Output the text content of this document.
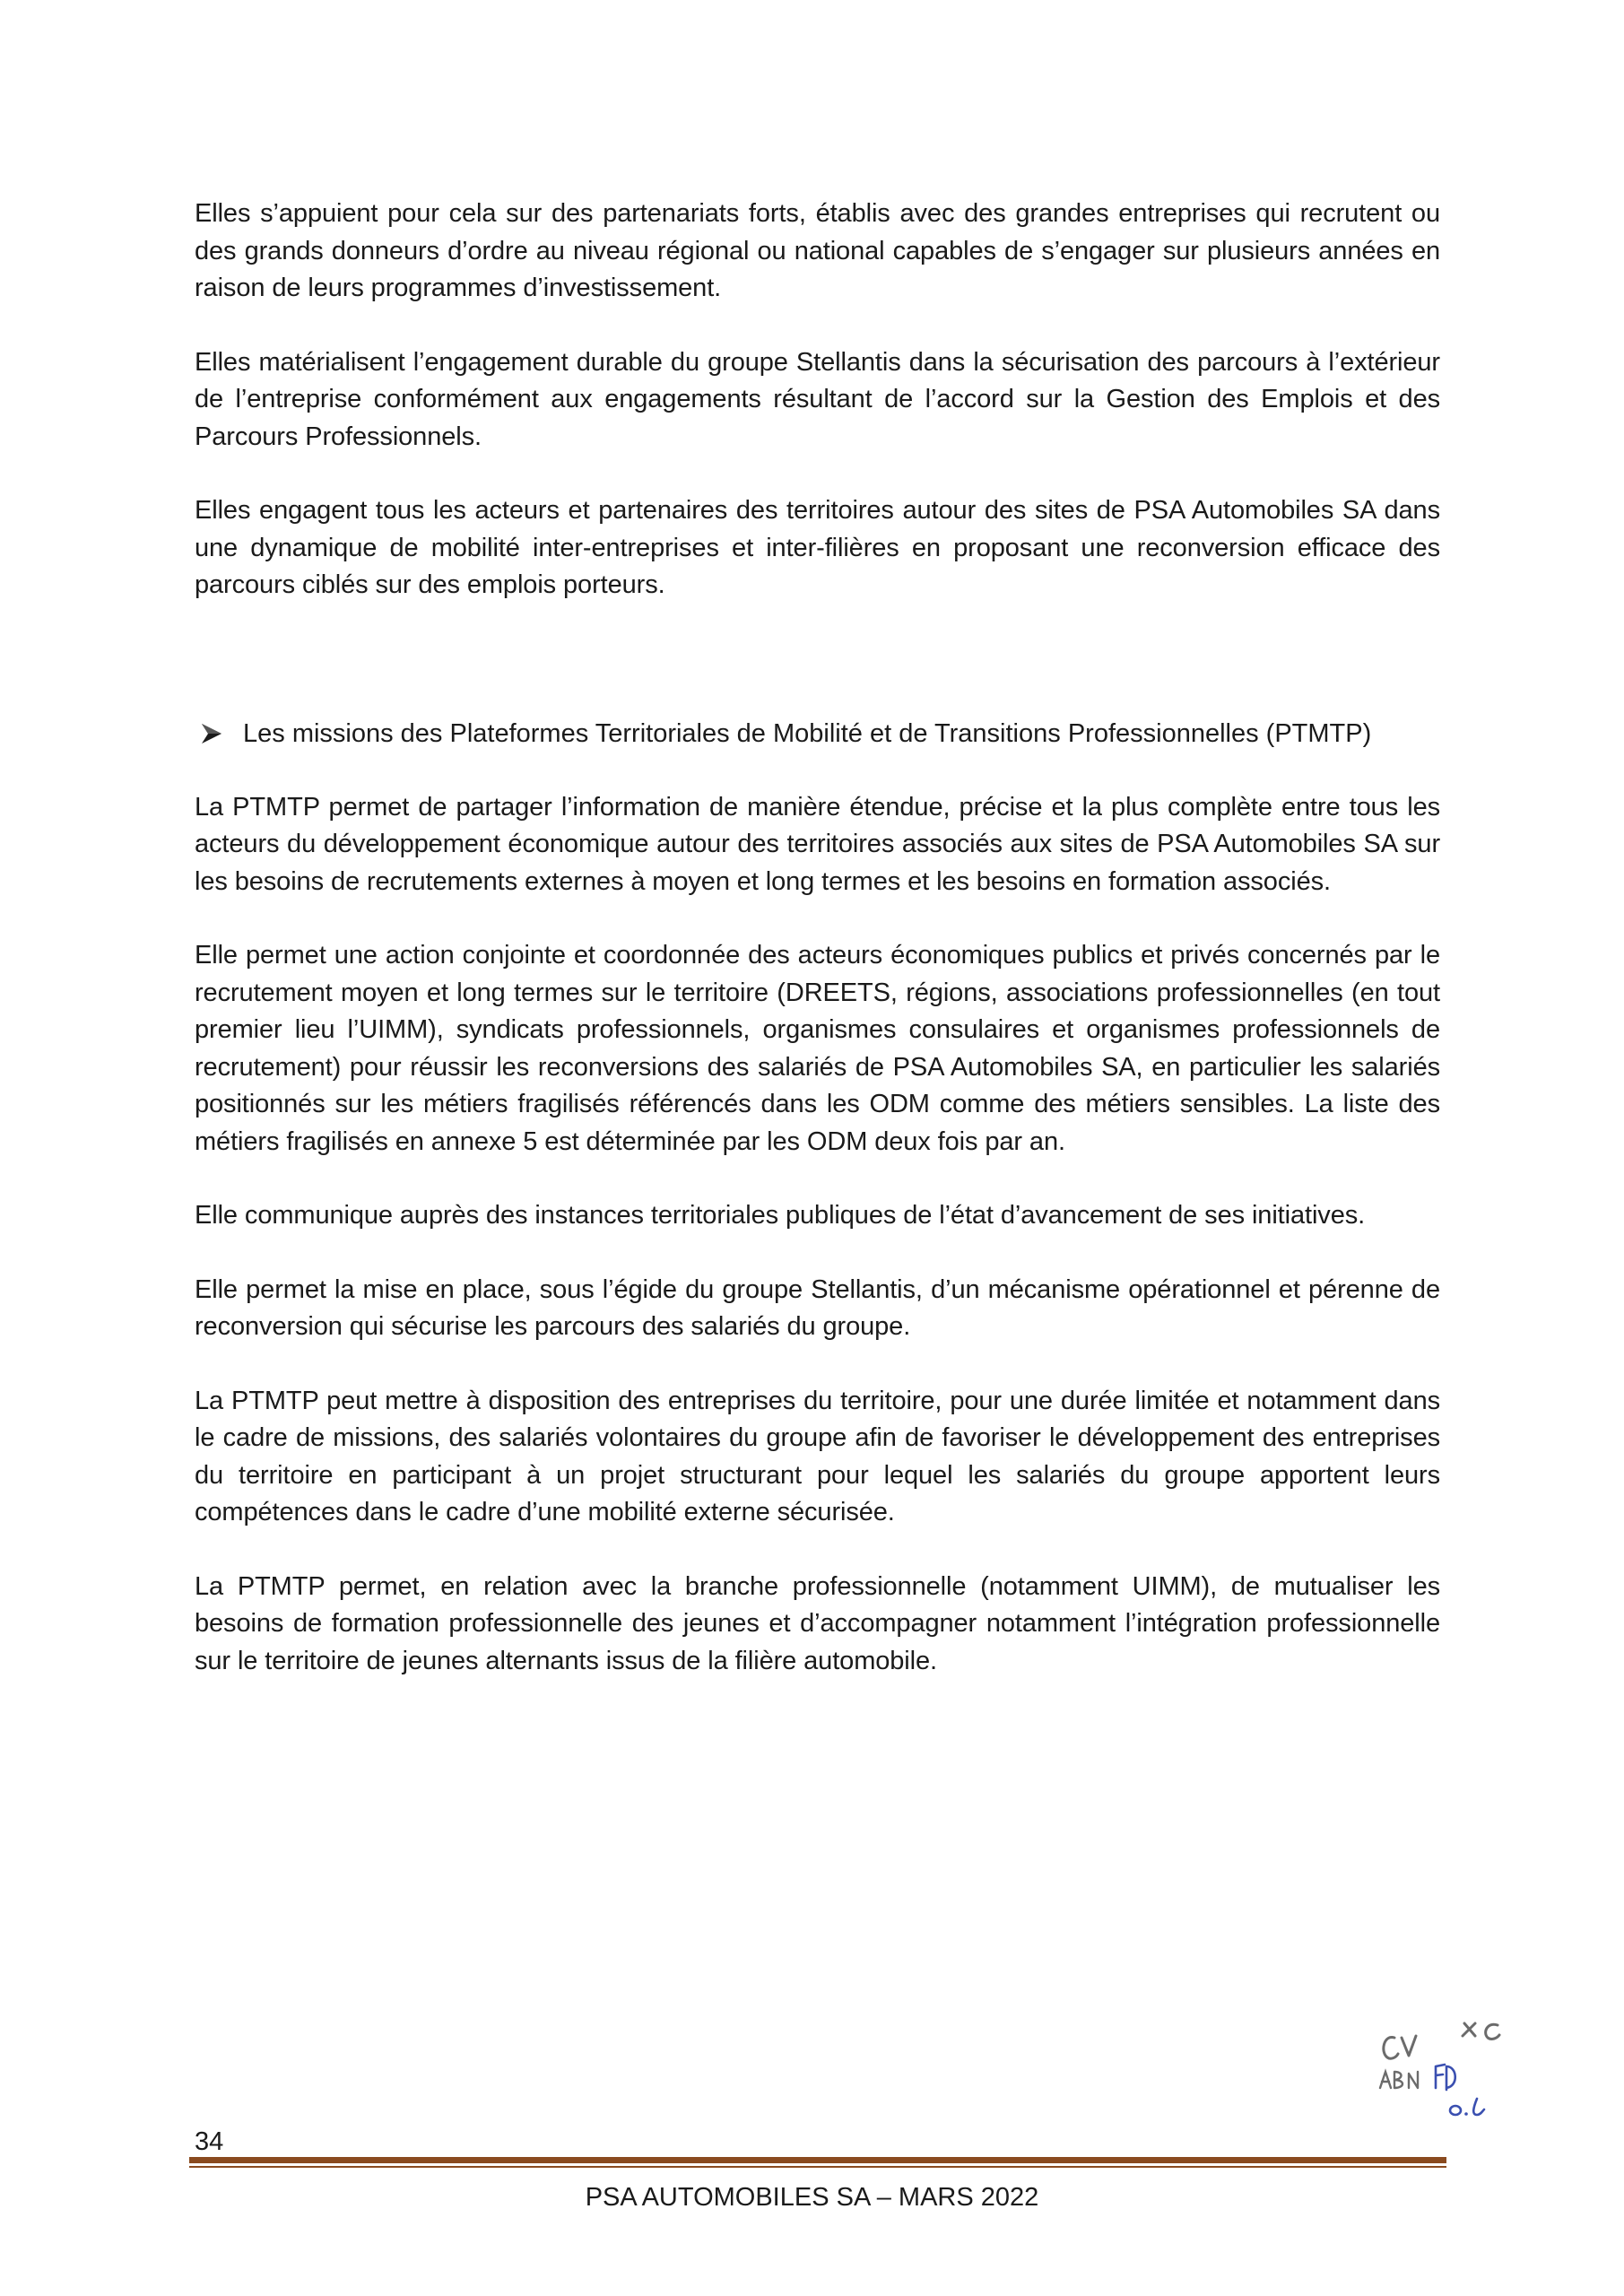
Elles s’appuient pour cela sur des partenariats forts, établis avec des grandes entreprises qui recrutent ou des grands donneurs d’ordre au niveau régional ou national capables de s’engager sur plusieurs années en raison de leurs programmes d’investissement.

Elles matérialisent l’engagement durable du groupe Stellantis dans la sécurisation des parcours à l’extérieur de l’entreprise conformément aux engagements résultant de l’accord sur la Gestion des Emplois et des Parcours Professionnels.

Elles engagent tous les acteurs et partenaires des territoires autour des sites de PSA Automobiles SA dans une dynamique de mobilité inter-entreprises et inter-filières en proposant une reconversion efficace des parcours ciblés sur des emplois porteurs.

Les missions des Plateformes Territoriales de Mobilité et de Transitions Professionnelles (PTMTP)

La PTMTP permet de partager l’information de manière étendue, précise et la plus complète entre tous les acteurs du développement économique autour des territoires associés aux sites de PSA Automobiles SA sur les besoins de recrutements externes à moyen et long termes et les besoins en formation associés.

Elle permet une action conjointe et coordonnée des acteurs économiques publics et privés concernés par le recrutement moyen et long termes sur le territoire (DREETS, régions, associations professionnelles (en tout premier lieu l’UIMM), syndicats professionnels, organismes consulaires et organismes professionnels de recrutement) pour réussir les reconversions des salariés de PSA Automobiles SA, en particulier les salariés positionnés sur les métiers fragilisés référencés dans les ODM comme des métiers sensibles. La liste des métiers fragilisés en annexe 5 est déterminée par les ODM deux fois par an.

Elle communique auprès des instances territoriales publiques de l’état d’avancement de ses initiatives.

Elle permet la mise en place, sous l’égide du groupe Stellantis, d’un mécanisme opérationnel et pérenne de reconversion qui sécurise les parcours des salariés du groupe.

La PTMTP peut mettre à disposition des entreprises du territoire, pour une durée limitée et notamment dans le cadre de missions, des salariés volontaires du groupe afin de favoriser le développement des entreprises du territoire en participant à un projet structurant pour lequel les salariés du groupe apportent leurs compétences dans le cadre d’une mobilité externe sécurisée.

La PTMTP permet, en relation avec la branche professionnelle (notamment UIMM), de mutualiser les besoins de formation professionnelle des jeunes et d’accompagner notamment l’intégration professionnelle sur le territoire de jeunes alternants issus de la filière automobile.

34
PSA AUTOMOBILES SA – MARS 2022
